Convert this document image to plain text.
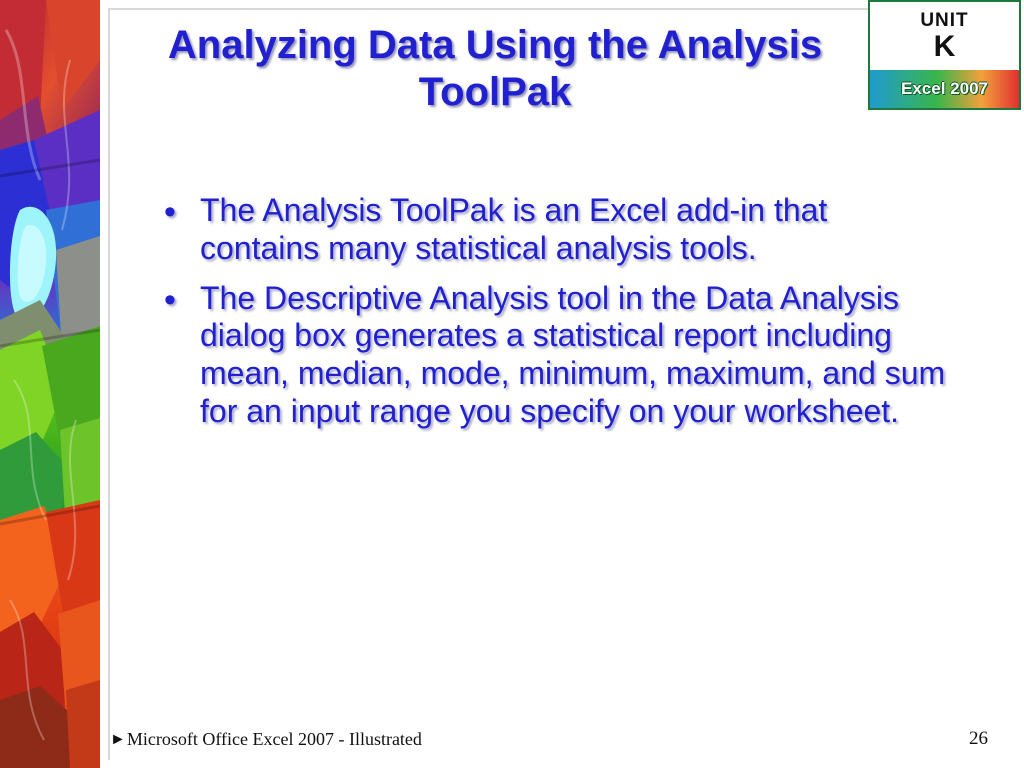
UNIT
K
Excel 2007
Analyzing Data Using the Analysis ToolPak
• The Analysis ToolPak is an Excel add-in that contains many statistical analysis tools.
• The Descriptive Analysis tool in the Data Analysis dialog box generates a statistical report including mean, median, mode, minimum, maximum, and sum for an input range you specify on your worksheet.
► Microsoft Office Excel 2007 - Illustrated	26
